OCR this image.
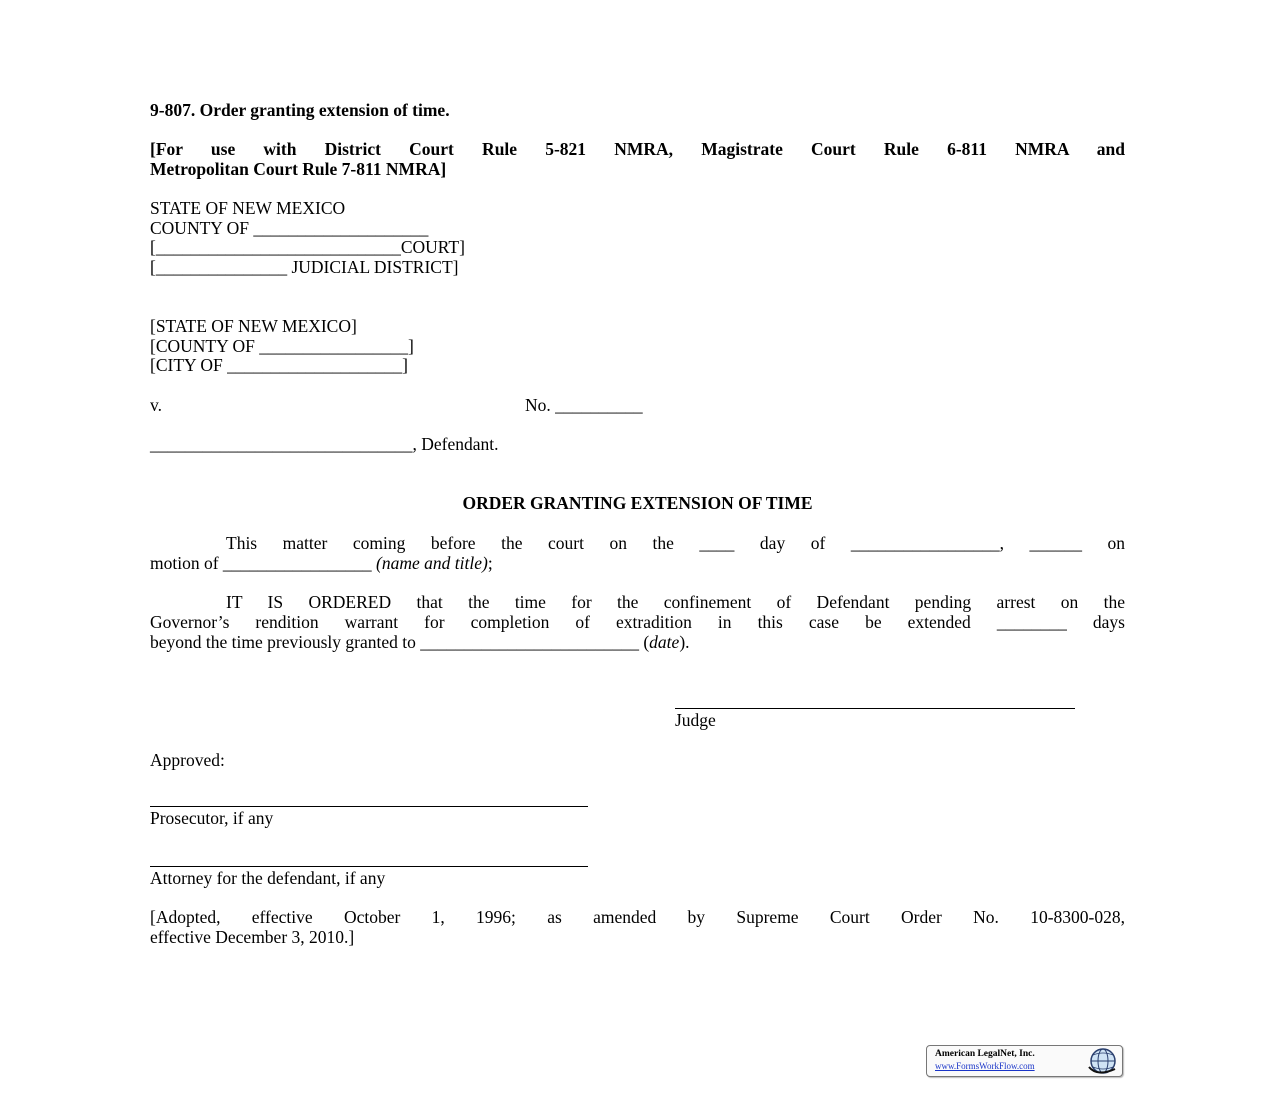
9-807. Order granting extension of time.
[For use with District Court Rule 5-821 NMRA, Magistrate Court Rule 6-811 NMRA and
Metropolitan Court Rule 7-811 NMRA]
STATE OF NEW MEXICO
COUNTY OF ____________________
[____________________________COURT]
[_______________ JUDICIAL DISTRICT]
[STATE OF NEW MEXICO]
[COUNTY OF _________________]
[CITY OF ____________________]
v.	No. __________
______________________________, Defendant.
ORDER GRANTING EXTENSION OF TIME
This matter coming before the court on the ____ day of _________________, ______ on
motion of _________________ (name and title);
IT IS ORDERED that the time for the confinement of Defendant pending arrest on the
Governor’s rendition warrant for completion of extradition in this case be extended ________ days
beyond the time previously granted to _________________________ (date).
Judge
Approved:
Prosecutor, if any
Attorney for the defendant, if any
[Adopted, effective October 1, 1996; as amended by Supreme Court Order No. 10-8300-028,
effective December 3, 2010.]
American LegalNet, Inc.
www.FormsWorkFlow.com
